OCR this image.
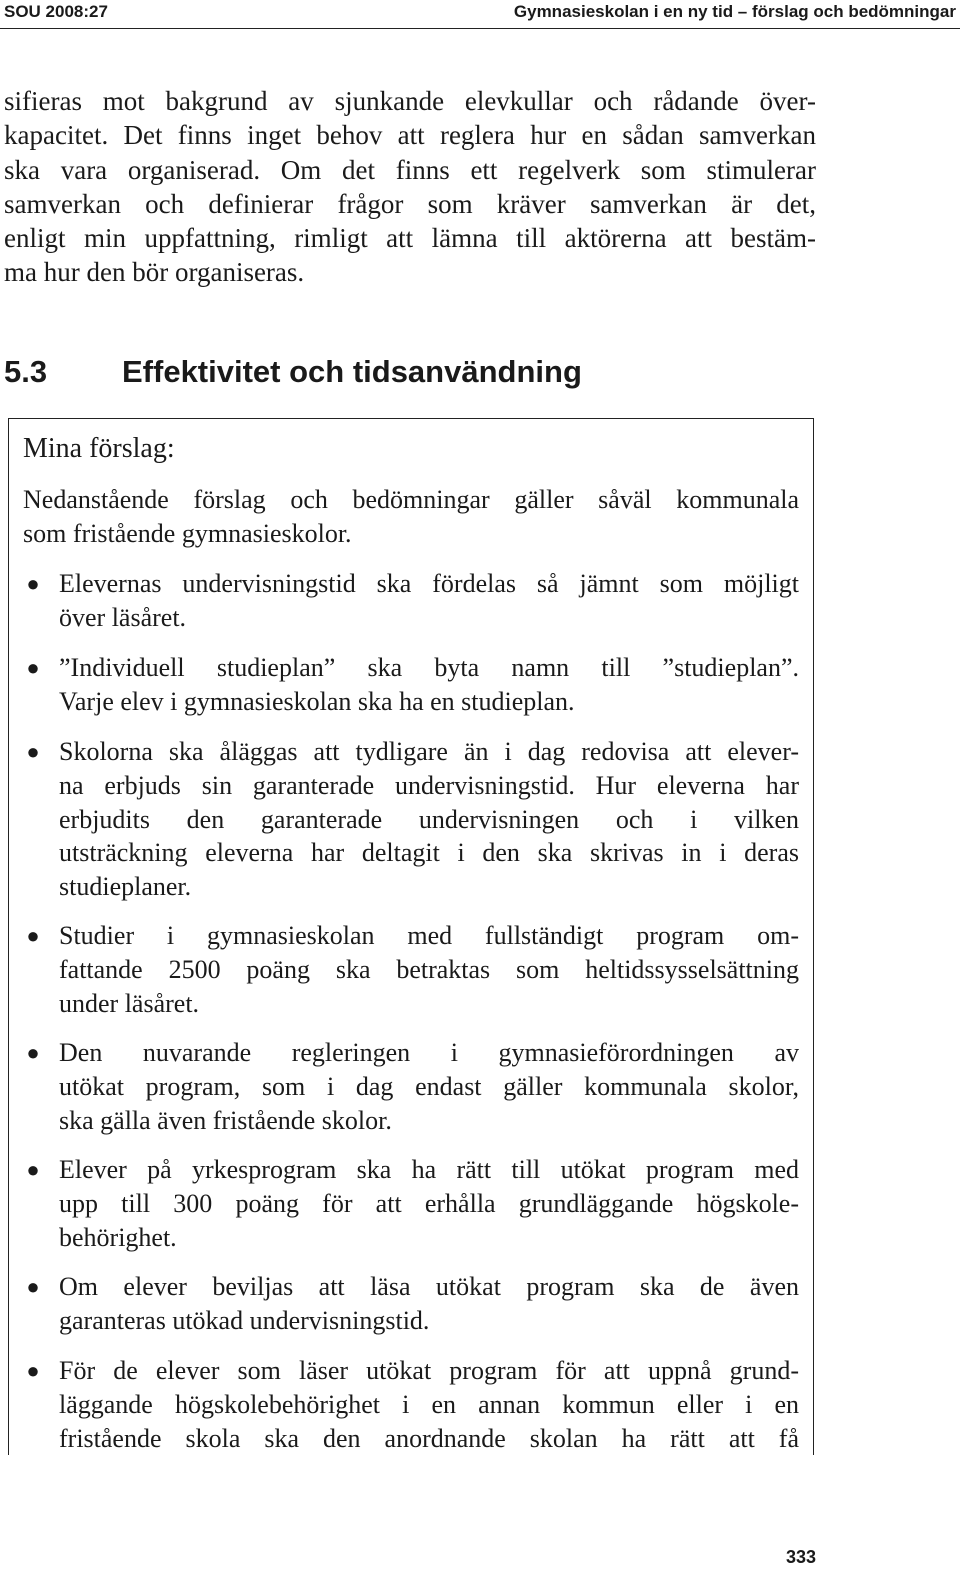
SOU 2008:27	Gymnasieskolan i en ny tid – förslag och bedömningar
sifieras mot bakgrund av sjunkande elevkullar och rådande över-
kapacitet. Det finns inget behov att reglera hur en sådan samverkan
ska vara organiserad. Om det finns ett regelverk som stimulerar
samverkan och definierar frågor som kräver samverkan är det,
enligt min uppfattning, rimligt att lämna till aktörerna att bestäm-
ma hur den bör organiseras.
5.3 Effektivitet och tidsanvändning
Mina förslag:
Nedanstående förslag och bedömningar gäller såväl kommunala
som fristående gymnasieskolor.
● Elevernas undervisningstid ska fördelas så jämnt som möjligt
över läsåret.
● ”Individuell studieplan” ska byta namn till ”studieplan”.
Varje elev i gymnasieskolan ska ha en studieplan.
● Skolorna ska åläggas att tydligare än i dag redovisa att elever-
na erbjuds sin garanterade undervisningstid. Hur eleverna har
erbjudits den garanterade undervisningen och i vilken
utsträckning eleverna har deltagit i den ska skrivas in i deras
studieplaner.
● Studier i gymnasieskolan med fullständigt program om-
fattande 2500 poäng ska betraktas som heltidssysselsättning
under läsåret.
● Den nuvarande regleringen i gymnasieförordningen av
utökat program, som i dag endast gäller kommunala skolor,
ska gälla även fristående skolor.
● Elever på yrkesprogram ska ha rätt till utökat program med
upp till 300 poäng för att erhålla grundläggande högskole-
behörighet.
● Om elever beviljas att läsa utökat program ska de även
garanteras utökad undervisningstid.
● För de elever som läser utökat program för att uppnå grund-
läggande högskolebehörighet i en annan kommun eller i en
fristående skola ska den anordnande skolan ha rätt att få
333
